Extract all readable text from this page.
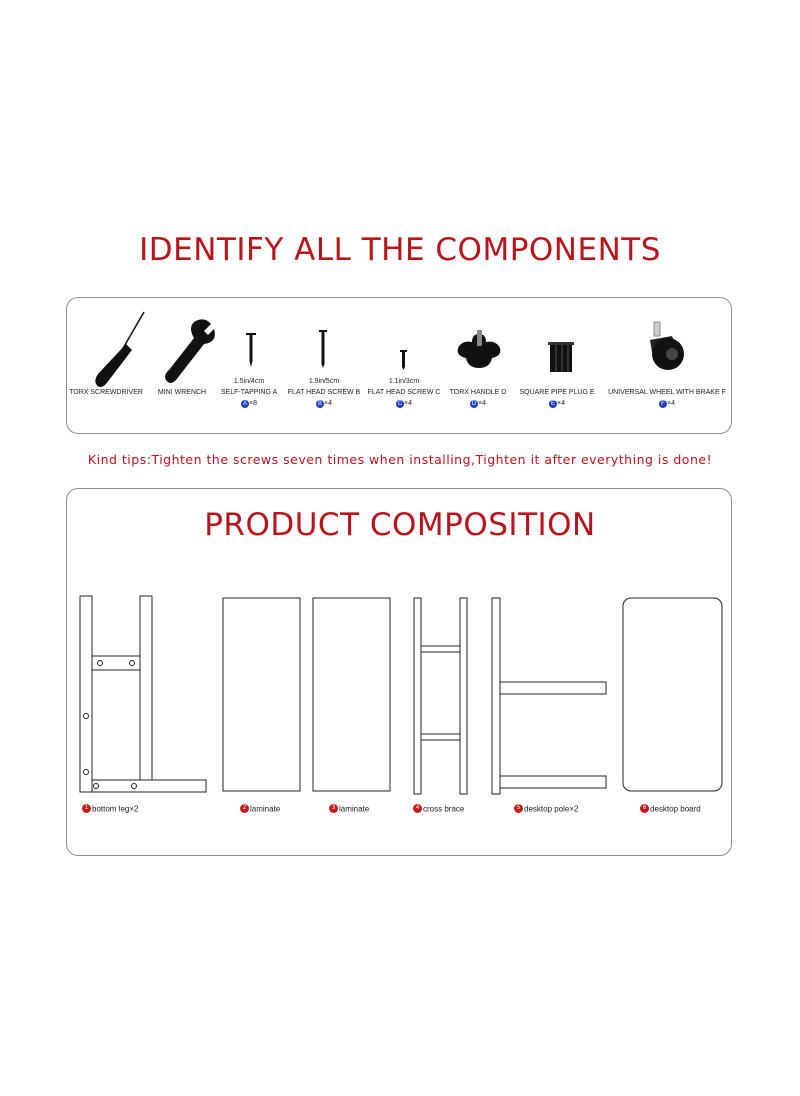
IDENTIFY ALL THE COMPONENTS
TORX SCREWDRIVER	MINI WRENCH
1.5in/4cm
SELF-TAPPING A
A ×8
1.9in/5cm
FLAT HEAD SCREW B
B ×4
1.1in/3cm
FLAT HEAD SCREW C
C ×4
TORX HANDLE D
D ×4
SQUARE PIPE PLUG E
E ×4
UNIVERSAL WHEEL WITH BRAKE F
F ×4
Kind tips:Tighten the screws seven times when installing,Tighten it after everything is done!
PRODUCT COMPOSITION
1 bottom leg×2	2 laminate	3 laminate	4 cross brace	5 desktop pole×2	6 desktop board
